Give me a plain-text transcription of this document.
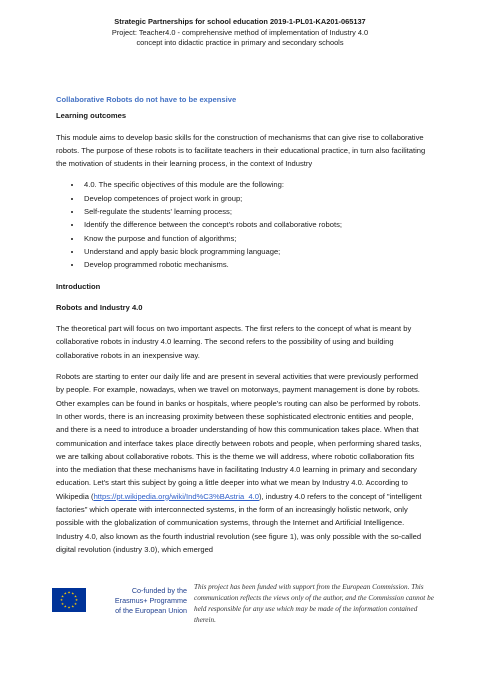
Strategic Partnerships for school education 2019-1-PL01-KA201-065137
Project: Teacher4.0 - comprehensive method of implementation of Industry 4.0
concept into didactic practice in primary and secondary schools

Collaborative Robots do not have to be expensive

Learning outcomes

This module aims to develop basic skills for the construction of mechanisms that can give rise to collaborative robots. The purpose of these robots is to facilitate teachers in their educational practice, in turn also facilitating the motivation of students in their learning process, in the context of Industry

• 4.0. The specific objectives of this module are the following:
• Develop competences of project work in group;
• Self-regulate the students' learning process;
• Identify the difference between the concept's robots and collaborative robots;
• Know the purpose and function of algorithms;
• Understand and apply basic block programming language;
• Develop programmed robotic mechanisms.

Introduction

Robots and Industry 4.0

The theoretical part will focus on two important aspects. The first refers to the concept of what is meant by collaborative robots in industry 4.0 learning. The second refers to the possibility of using and building collaborative robots in an inexpensive way.

Robots are starting to enter our daily life and are present in several activities that were previously performed by people. For example, nowadays, when we travel on motorways, payment management is done by robots. Other examples can be found in banks or hospitals, where people's routing can also be performed by robots. In other words, there is an increasing proximity between these sophisticated electronic entities and people, and there is a need to introduce a broader understanding of how this communication takes place. When that communication and interface takes place directly between robots and people, when performing shared tasks, we are talking about collaborative robots. This is the theme we will address, where robotic collaboration fits into the mediation that these mechanisms have in facilitating Industry 4.0 learning in primary and secondary education. Let's start this subject by going a little deeper into what we mean by Industry 4.0. According to Wikipedia (https://pt.wikipedia.org/wiki/Ind%C3%BAstria_4.0), industry 4.0 refers to the concept of "intelligent factories" which operate with interconnected systems, in the form of an increasingly holistic network, only possible with the globalization of communication systems, through the Internet and Artificial Intelligence. Industry 4.0, also known as the fourth industrial revolution (see figure 1), was only possible with the so-called digital revolution (industry 3.0), which emerged

★ ★
★
★
★
★
★
★
★
★
★
★	Co-funded by the
Erasmus+ Programme
of the European Union
This project has been funded with support from the European Commission. This communication reflects the views only of the author, and the Commission cannot be held responsible for any use which may be made of the information contained therein.
